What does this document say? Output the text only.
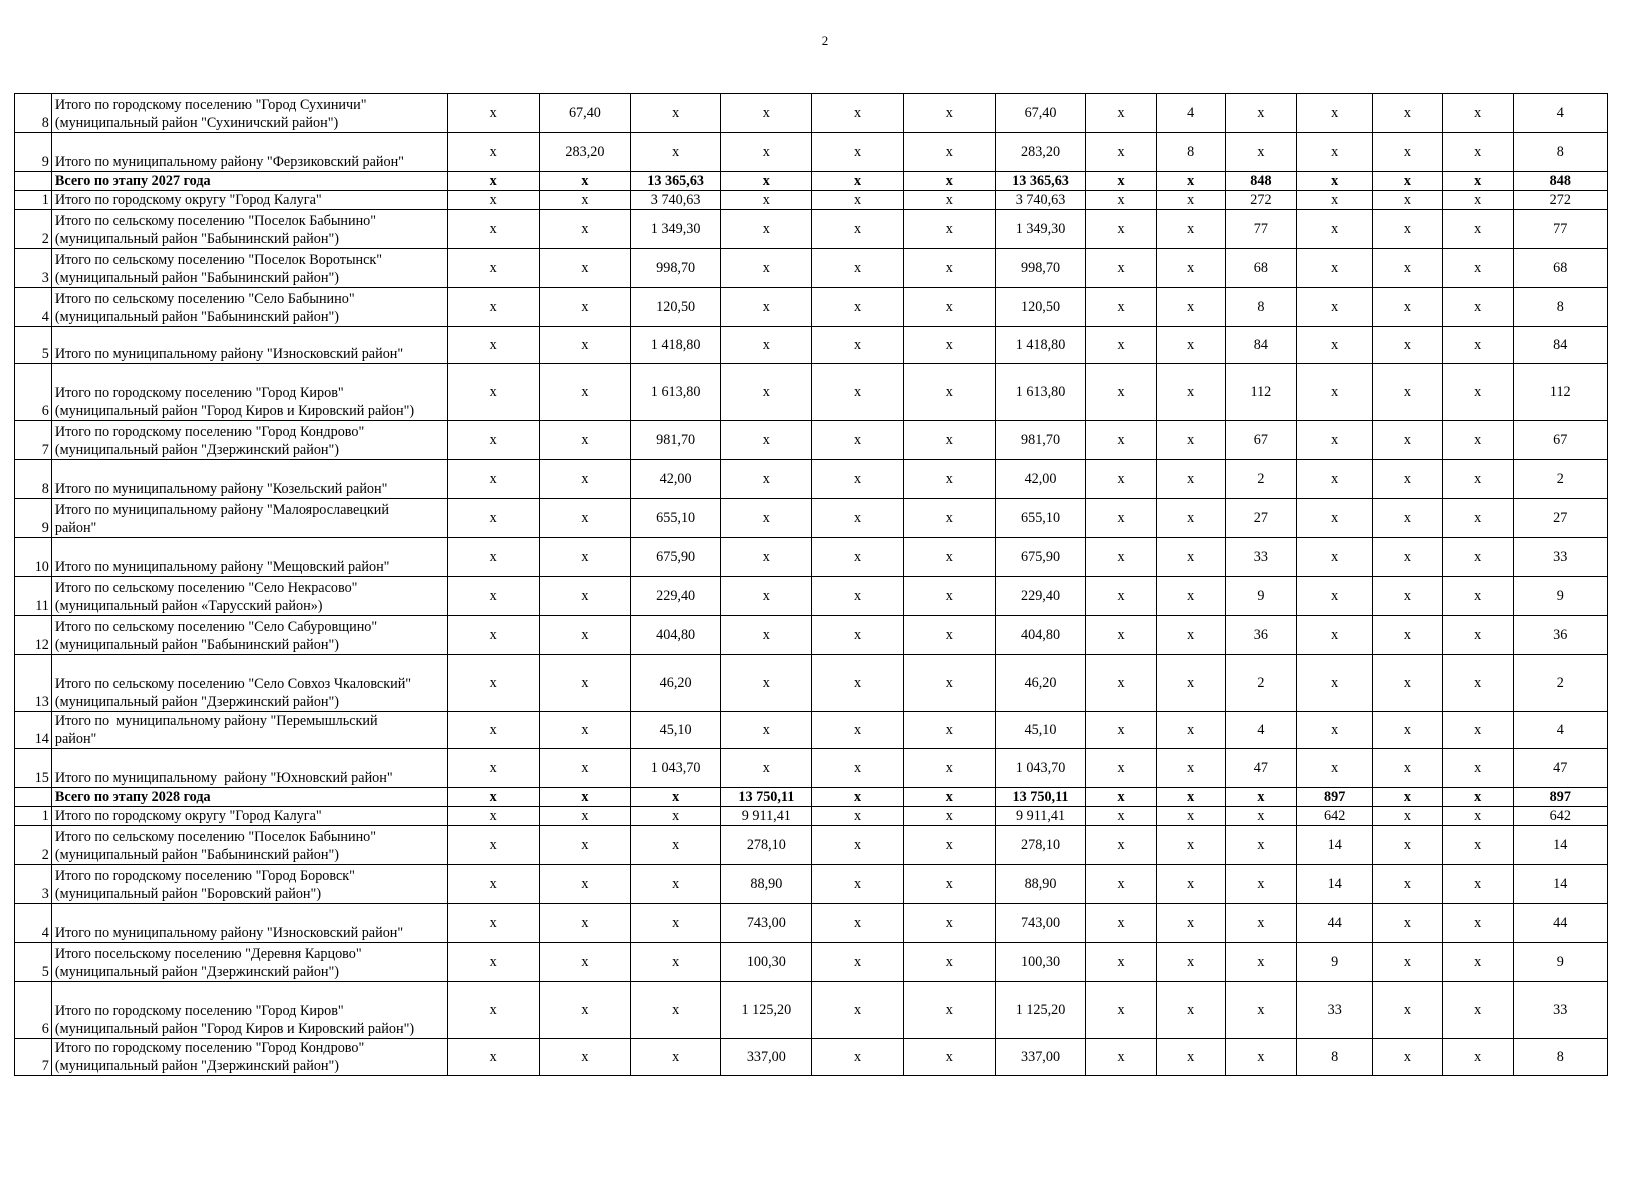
2
8	Итого по городскому поселению "Город Сухиничи"
(муниципальный район "Сухиничский район")	х	67,40	х	х	х	х	67,40	х	4	х	х	х	х	4
9	Итого по муниципальному району "Ферзиковский район"	х	283,20	х	х	х	х	283,20	х	8	х	х	х	х	8
	Всего по этапу 2027 года	х	х	13 365,63	х	х	х	13 365,63	х	х	848	х	х	х	848
1	Итого по городскому округу "Город Калуга"	х	х	3 740,63	х	х	х	3 740,63	х	х	272	х	х	х	272
2	Итого по сельскому поселению "Поселок Бабынино"
(муниципальный район "Бабынинский район")	х	х	1 349,30	х	х	х	1 349,30	х	х	77	х	х	х	77
3	Итого по сельскому поселению "Поселок Воротынск"
(муниципальный район "Бабынинский район")	х	х	998,70	х	х	х	998,70	х	х	68	х	х	х	68
4	Итого по сельскому поселению "Село Бабынино"
(муниципальный район "Бабынинский район")	х	х	120,50	х	х	х	120,50	х	х	8	х	х	х	8
5	Итого по муниципальному району "Износковский район"	х	х	1 418,80	х	х	х	1 418,80	х	х	84	х	х	х	84
6	Итого по городскому поселению "Город Киров"
(муниципальный район "Город Киров и Кировский район")	х	х	1 613,80	х	х	х	1 613,80	х	х	112	х	х	х	112
7	Итого по городскому поселению "Город Кондрово"
(муниципальный район "Дзержинский район")	х	х	981,70	х	х	х	981,70	х	х	67	х	х	х	67
8	Итого по муниципальному району "Козельский район"	х	х	42,00	х	х	х	42,00	х	х	2	х	х	х	2
9	Итого по муниципальному району "Малоярославецкий
район"	х	х	655,10	х	х	х	655,10	х	х	27	х	х	х	27
10	Итого по муниципальному району "Мещовский район"	х	х	675,90	х	х	х	675,90	х	х	33	х	х	х	33
11	Итого по сельскому поселению "Село Некрасово"
(муниципальный район «Тарусский район»)	х	х	229,40	х	х	х	229,40	х	х	9	х	х	х	9
12	Итого по сельскому поселению "Село Сабуровщино"
(муниципальный район "Бабынинский район")	х	х	404,80	х	х	х	404,80	х	х	36	х	х	х	36
13	Итого по сельскому поселению "Село Совхоз Чкаловский"
(муниципальный район "Дзержинский район")	х	х	46,20	х	х	х	46,20	х	х	2	х	х	х	2
14	Итого по  муниципальному району "Перемышльский
район"	х	х	45,10	х	х	х	45,10	х	х	4	х	х	х	4
15	Итого по муниципальному  району "Юхновский район"	х	х	1 043,70	х	х	х	1 043,70	х	х	47	х	х	х	47
	Всего по этапу 2028 года	х	х	х	13 750,11	х	х	13 750,11	х	х	х	897	х	х	897
1	Итого по городскому округу "Город Калуга"	х	х	х	9 911,41	х	х	9 911,41	х	х	х	642	х	х	642
2	Итого по сельскому поселению "Поселок Бабынино"
(муниципальный район "Бабынинский район")	х	х	х	278,10	х	х	278,10	х	х	х	14	х	х	14
3	Итого по городскому поселению "Город Боровск"
(муниципальный район "Боровский район")	х	х	х	88,90	х	х	88,90	х	х	х	14	х	х	14
4	Итого по муниципальному району "Износковский район"	х	х	х	743,00	х	х	743,00	х	х	х	44	х	х	44
5	Итого посельскому поселению "Деревня Карцово"
(муниципальный район "Дзержинский район")	х	х	х	100,30	х	х	100,30	х	х	х	9	х	х	9
6	Итого по городскому поселению "Город Киров"
(муниципальный район "Город Киров и Кировский район")	х	х	х	1 125,20	х	х	1 125,20	х	х	х	33	х	х	33
7	Итого по городскому поселению "Город Кондрово"
(муниципальный район "Дзержинский район")	х	х	х	337,00	х	х	337,00	х	х	х	8	х	х	8
